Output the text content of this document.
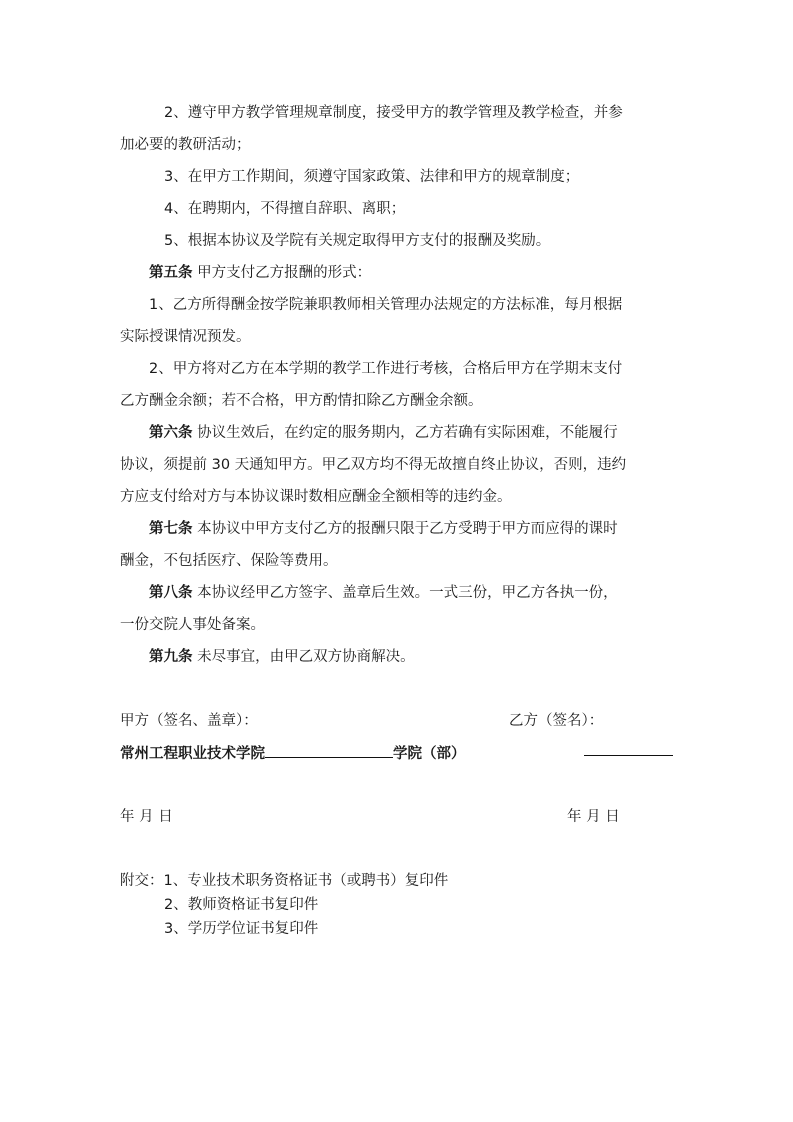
2、遵守甲方教学管理规章制度，接受甲方的教学管理及教学检查，并参
加必要的教研活动；
3、在甲方工作期间，须遵守国家政策、法律和甲方的规章制度；
4、在聘期内，不得擅自辞职、离职；
5、根据本协议及学院有关规定取得甲方支付的报酬及奖励。
第五条 甲方支付乙方报酬的形式：
1、乙方所得酬金按学院兼职教师相关管理办法规定的方法标准，每月根据
实际授课情况预发。
2、甲方将对乙方在本学期的教学工作进行考核，合格后甲方在学期末支付
乙方酬金余额；若不合格，甲方酌情扣除乙方酬金余额。
第六条 协议生效后，在约定的服务期内，乙方若确有实际困难，不能履行
协议，须提前 30 天通知甲方。甲乙双方均不得无故擅自终止协议，否则，违约
方应支付给对方与本协议课时数相应酬金全额相等的违约金。
第七条 本协议中甲方支付乙方的报酬只限于乙方受聘于甲方而应得的课时
酬金，不包括医疗、保险等费用。
第八条 本协议经甲乙方签字、盖章后生效。一式三份，甲乙方各执一份，
一份交院人事处备案。
第九条 未尽事宜，由甲乙双方协商解决。
甲方（签名、盖章）：	乙方（签名）：
常州工程职业技术学院	学院（部）
年 月 日	年 月 日
附交：1、专业技术职务资格证书（或聘书）复印件
2、教师资格证书复印件
3、学历学位证书复印件
